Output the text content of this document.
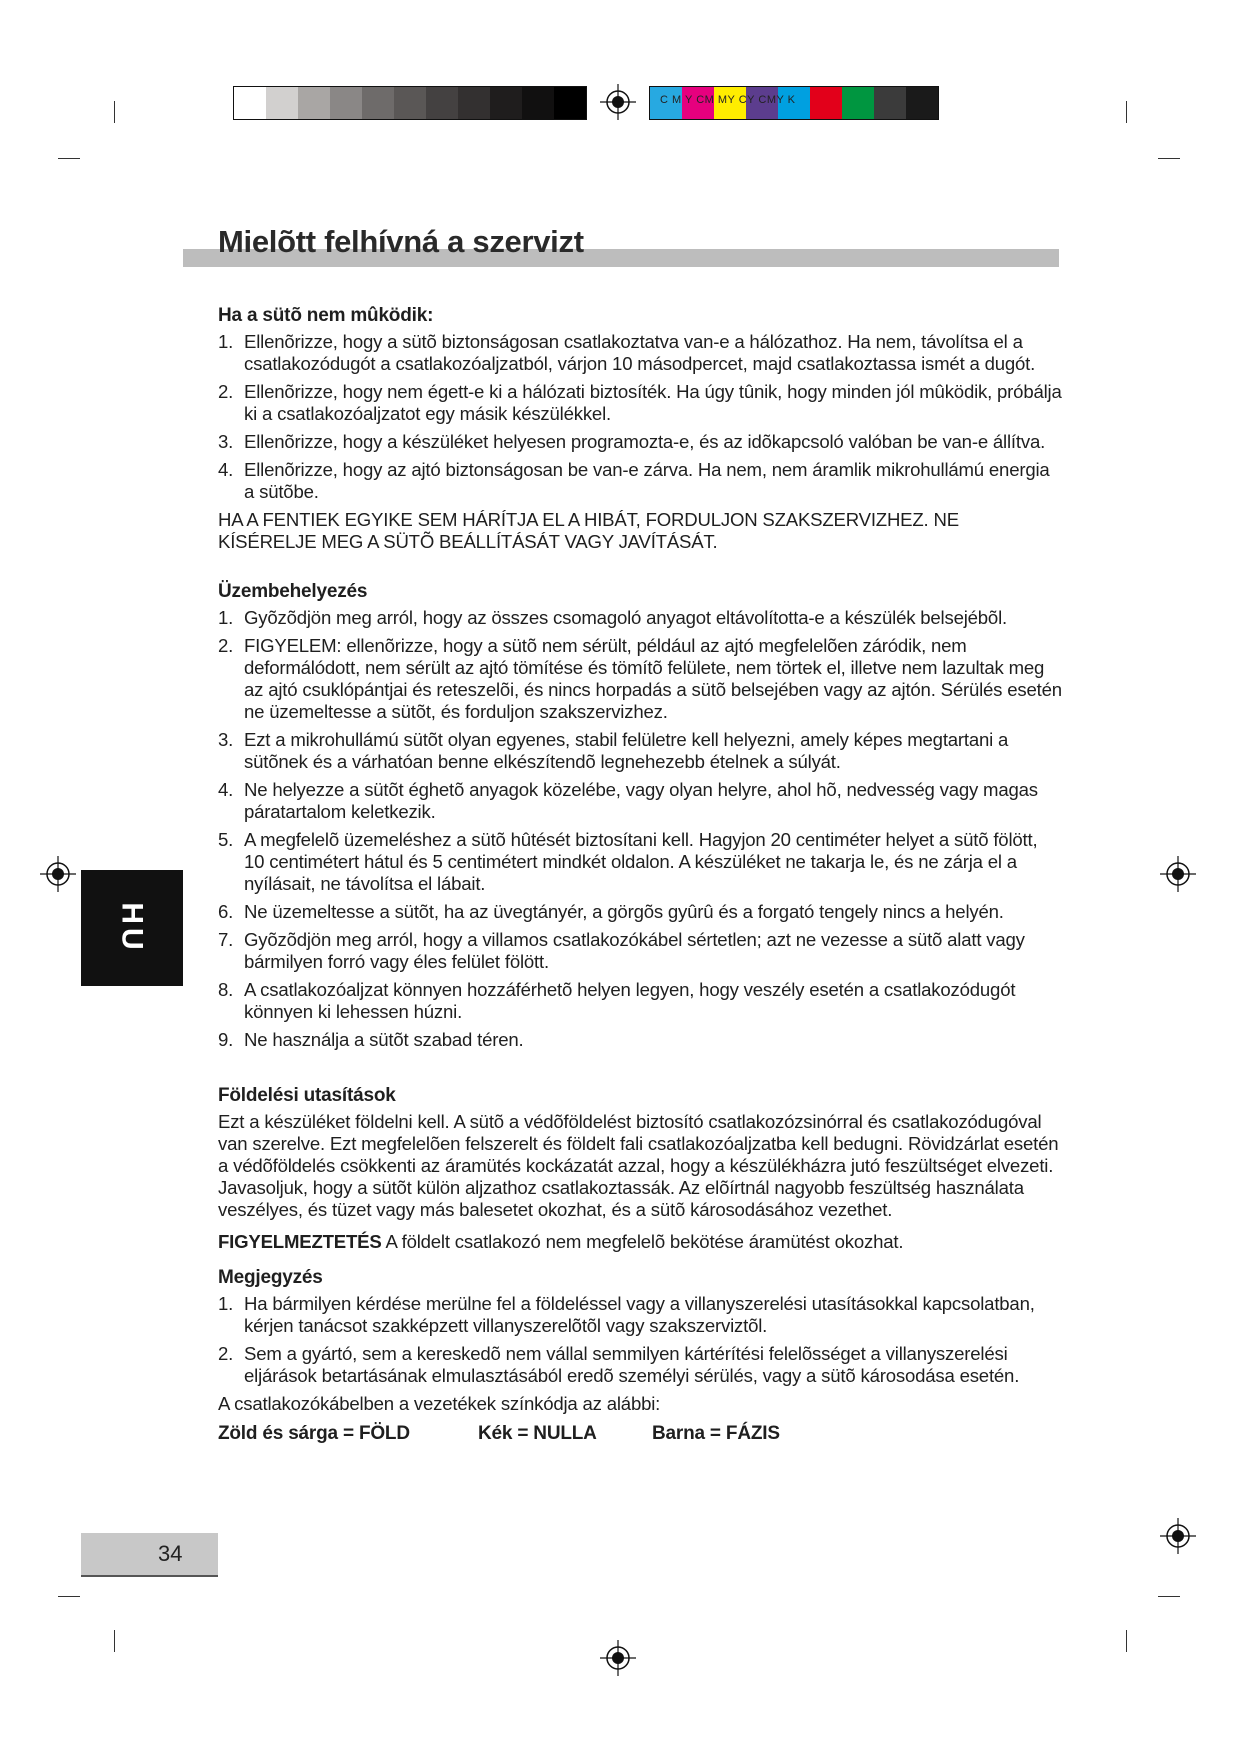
C M Y CM MY CY CMY K
Mielõtt felhívná a szervizt
HU
Ha a sütõ nem mûködik:
1. Ellenõrizze, hogy a sütõ biztonságosan csatlakoztatva van-e a hálózathoz. Ha nem, távolítsa el a csatlakozódugót a csatlakozóaljzatból, várjon 10 másodpercet, majd csatlakoztassa ismét a dugót.
2. Ellenõrizze, hogy nem égett-e ki a hálózati biztosíték. Ha úgy tûnik, hogy minden jól mûködik, próbálja ki a csatlakozóaljzatot egy másik készülékkel.
3. Ellenõrizze, hogy a készüléket helyesen programozta-e, és az idõkapcsoló valóban be van-e állítva.
4. Ellenõrizze, hogy az ajtó biztonságosan be van-e zárva. Ha nem, nem áramlik mikrohullámú energia a sütõbe.

HA A FENTIEK EGYIKE SEM HÁRÍTJA EL A HIBÁT, FORDULJON SZAKSZERVIZHEZ. NE KÍSÉRELJE MEG A SÜTÕ BEÁLLÍTÁSÁT VAGY JAVÍTÁSÁT.

Üzembehelyezés
1. Gyõzõdjön meg arról, hogy az összes csomagoló anyagot eltávolította-e a készülék belsejébõl.
2. FIGYELEM: ellenõrizze, hogy a sütõ nem sérült, például az ajtó megfelelõen záródik, nem deformálódott, nem sérült az ajtó tömítése és tömítõ felülete, nem törtek el, illetve nem lazultak meg az ajtó csuklópántjai és reteszelõi, és nincs horpadás a sütõ belsejében vagy az ajtón. Sérülés esetén ne üzemeltesse a sütõt, és forduljon szakszervizhez.
3. Ezt a mikrohullámú sütõt olyan egyenes, stabil felületre kell helyezni, amely képes megtartani a sütõnek és a várhatóan benne elkészítendõ legnehezebb ételnek a súlyát.
4. Ne helyezze a sütõt éghetõ anyagok közelébe, vagy olyan helyre, ahol hõ, nedvesség vagy magas páratartalom keletkezik.
5. A megfelelõ üzemeléshez a sütõ hûtését biztosítani kell. Hagyjon 20 centiméter helyet a sütõ fölött, 10 centimétert hátul és 5 centimétert mindkét oldalon. A készüléket ne takarja le, és ne zárja el a nyílásait, ne távolítsa el lábait.
6. Ne üzemeltesse a sütõt, ha az üvegtányér, a görgõs gyûrû és a forgató tengely nincs a helyén.
7. Gyõzõdjön meg arról, hogy a villamos csatlakozókábel sértetlen; azt ne vezesse a sütõ alatt vagy bármilyen forró vagy éles felület fölött.
8. A csatlakozóaljzat könnyen hozzáférhetõ helyen legyen, hogy veszély esetén a csatlakozódugót könnyen ki lehessen húzni.
9. Ne használja a sütõt szabad téren.
Földelési utasítások

Ezt a készüléket földelni kell. A sütõ a védõföldelést biztosító csatlakozózsinórral és csatlakozódugóval van szerelve. Ezt megfelelõen felszerelt és földelt fali csatlakozóaljzatba kell bedugni. Rövidzárlat esetén a védõföldelés csökkenti az áramütés kockázatát azzal, hogy a készülékházra jutó feszültséget elvezeti. Javasoljuk, hogy a sütõt külön aljzathoz csatlakoztassák. Az elõírtnál nagyobb feszültség használata veszélyes, és tüzet vagy más balesetet okozhat, és a sütõ károsodásához vezethet.

FIGYELMEZTETÉS A földelt csatlakozó nem megfelelõ bekötése áramütést okozhat.

Megjegyzés
1. Ha bármilyen kérdése merülne fel a földeléssel vagy a villanyszerelési utasításokkal kapcsolatban, kérjen tanácsot szakképzett villanyszerelõtõl vagy szakszerviztõl.
2. Sem a gyártó, sem a kereskedõ nem vállal semmilyen kártérítési felelõsséget a villanyszerelési eljárások betartásának elmulasztásából eredõ személyi sérülés, vagy a sütõ károsodása esetén.

A csatlakozókábelben a vezetékek színkódja az alábbi:

Zöld és sárga = FÖLD	Kék = NULLA	Barna = FÁZIS
34
